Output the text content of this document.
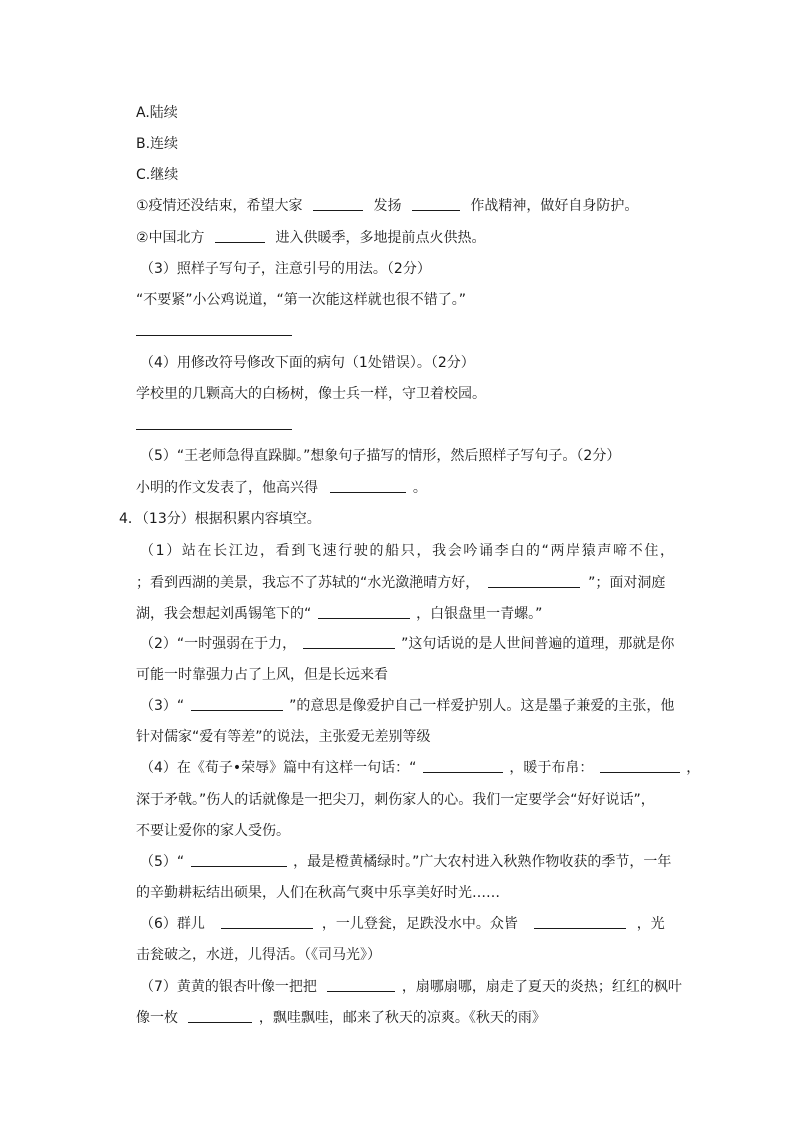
A.陆续
B.连续
C.继续
①疫情还没结束，希望大家	发扬	作战精神，做好自身防护。
②中国北方	进入供暖季，多地提前点火供热。
（3）照样子写句子，注意引号的用法。（2分）
“不要紧”小公鸡说道，“第一次能这样就也很不错了。”
（4）用修改符号修改下面的病句（1处错误）。（2分）
学校里的几颗高大的白杨树，像士兵一样，守卫着校园。
（5）“王老师急得直跺脚。”想象句子描写的情形，然后照样子写句子。（2分）
小明的作文发表了，他高兴得	。
4．（13分）根据积累内容填空。
（1）站在长江边，看到飞速行驶的船只，我会吟诵李白的“两岸猿声啼不住，
；看到西湖的美景，我忘不了苏轼的“水光潋滟晴方好，	”；面对洞庭
湖，我会想起刘禹锡笔下的“	，白银盘里一青螺。”
（2）“一时强弱在于力，	”这句话说的是人世间普遍的道理，那就是你
可能一时靠强力占了上风，但是长远来看
（3）“	”的意思是像爱护自己一样爱护别人。这是墨子兼爱的主张，他
针对儒家“爱有等差”的说法，主张爱无差别等级
（4）在《荀子•荣辱》篇中有这样一句话：“	，暖于布帛：	，
深于矛戟。”伤人的话就像是一把尖刀，刺伤家人的心。我们一定要学会“好好说话”，
不要让爱你的家人受伤。
（5）“	，最是橙黄橘绿时。”广大农村进入秋熟作物收获的季节，一年
的辛勤耕耘结出硕果，人们在秋高气爽中乐享美好时光……
（6）群儿	，一儿登瓮，足跌没水中。众皆	，光
击瓮破之，水迸，儿得活。（《司马光》）
（7）黄黄的银杏叶像一把把	，扇哪扇哪，扇走了夏天的炎热；红红的枫叶
像一枚	，飘哇飘哇，邮来了秋天的凉爽。《秋天的雨》
